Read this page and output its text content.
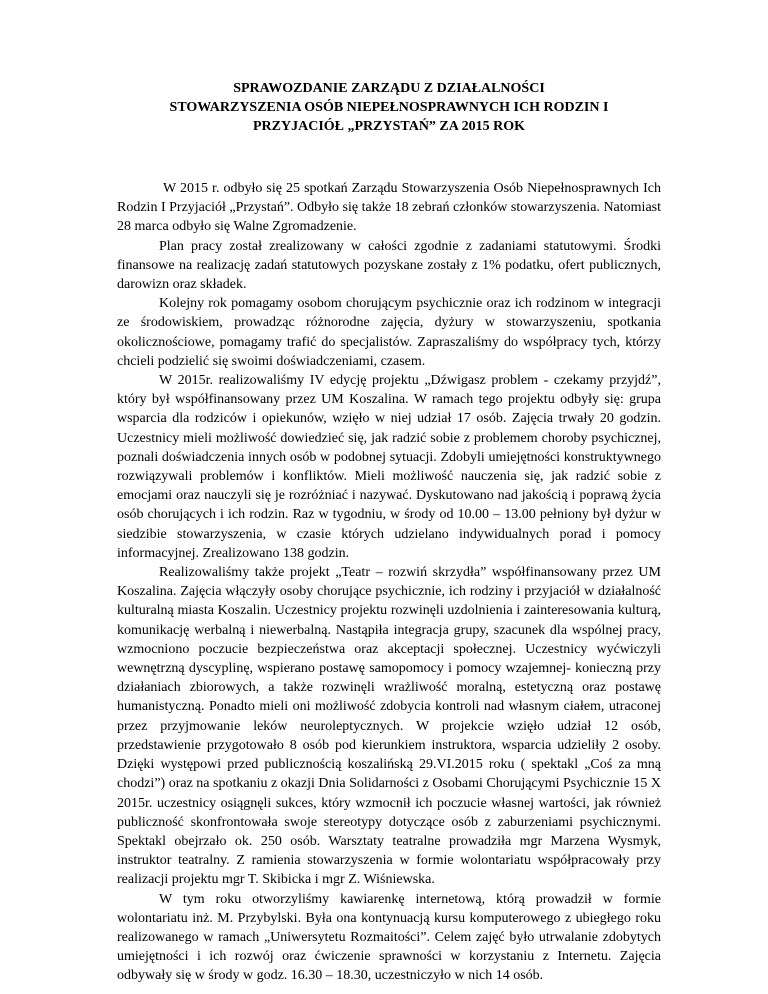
SPRAWOZDANIE ZARZĄDU Z DZIAŁALNOŚCI
STOWARZYSZENIA OSÓB NIEPEŁNOSPRAWNYCH ICH RODZIN I
PRZYJACIÓŁ „PRZYSTAŃ” ZA 2015 ROK

W 2015 r. odbyło się 25 spotkań Zarządu Stowarzyszenia Osób Niepełnosprawnych Ich Rodzin I Przyjaciół „Przystań”. Odbyło się także 18 zebrań członków stowarzyszenia. Natomiast 28 marca odbyło się Walne Zgromadzenie.

Plan pracy został zrealizowany w całości zgodnie z zadaniami statutowymi. Środki finansowe na realizację zadań statutowych pozyskane zostały z 1% podatku, ofert publicznych, darowizn oraz składek.

Kolejny rok pomagamy osobom chorującym psychicznie oraz ich rodzinom w integracji ze środowiskiem, prowadząc różnorodne zajęcia, dyżury w stowarzyszeniu, spotkania okolicznościowe, pomagamy trafić do specjalistów. Zapraszaliśmy do współpracy tych, którzy chcieli podzielić się swoimi doświadczeniami, czasem.

W 2015r. realizowaliśmy IV edycję projektu „Dźwigasz problem - czekamy przyjdź”, który był współfinansowany przez UM Koszalina. W ramach tego projektu odbyły się: grupa wsparcia dla rodziców i opiekunów, wzięło w niej udział 17 osób. Zajęcia trwały 20 godzin. Uczestnicy mieli możliwość dowiedzieć się, jak radzić sobie z problemem choroby psychicznej, poznali doświadczenia innych osób w podobnej sytuacji. Zdobyli umiejętności konstruktywnego rozwiązywali problemów i konfliktów. Mieli możliwość nauczenia się, jak radzić sobie z emocjami oraz nauczyli się je rozróżniać i nazywać. Dyskutowano nad jakością i poprawą życia osób chorujących i ich rodzin. Raz w tygodniu, w środy od 10.00 – 13.00 pełniony był dyżur w siedzibie stowarzyszenia, w czasie których udzielano indywidualnych porad i pomocy informacyjnej. Zrealizowano 138 godzin.

Realizowaliśmy także projekt „Teatr – rozwiń skrzydła” współfinansowany przez UM Koszalina. Zajęcia włączyły osoby chorujące psychicznie, ich rodziny i przyjaciół w działalność kulturalną miasta Koszalin. Uczestnicy projektu rozwinęli uzdolnienia i zainteresowania kulturą, komunikację werbalną i niewerbalną. Nastąpiła integracja grupy, szacunek dla wspólnej pracy, wzmocniono poczucie bezpieczeństwa oraz akceptacji społecznej. Uczestnicy wyćwiczyli wewnętrzną dyscyplinę, wspierano postawę samopomocy i pomocy wzajemnej- konieczną przy działaniach zbiorowych, a także rozwinęli wrażliwość moralną, estetyczną oraz postawę humanistyczną. Ponadto mieli oni możliwość zdobycia kontroli nad własnym ciałem, utraconej przez przyjmowanie leków neuroleptycznych. W projekcie wzięło udział 12 osób, przedstawienie przygotowało 8 osób pod kierunkiem instruktora, wsparcia udzieliły 2 osoby. Dzięki występowi przed publicznością koszalińską 29.VI.2015 roku ( spektakl „Coś za mną chodzi”) oraz na spotkaniu z okazji Dnia Solidarności z Osobami Chorującymi Psychicznie 15 X 2015r. uczestnicy osiągnęli sukces, który wzmocnił ich poczucie własnej wartości, jak również publiczność skonfrontowała swoje stereotypy dotyczące osób z zaburzeniami psychicznymi. Spektakl obejrzało ok. 250 osób. Warsztaty teatralne prowadziła mgr Marzena Wysmyk, instruktor teatralny. Z ramienia stowarzyszenia w formie wolontariatu współpracowały przy realizacji projektu mgr T. Skibicka i mgr Z. Wiśniewska.

W tym roku otworzyliśmy kawiarenkę internetową, którą prowadził w formie wolontariatu inż. M. Przybylski. Była ona kontynuacją kursu komputerowego z ubiegłego roku realizowanego w ramach „Uniwersytetu Rozmaitości”. Celem zajęć było utrwalanie zdobytych umiejętności i ich rozwój oraz ćwiczenie sprawności w korzystaniu z Internetu. Zajęcia odbywały się w środy w godz. 16.30 – 18.30, uczestniczyło w nich 14 osób.
